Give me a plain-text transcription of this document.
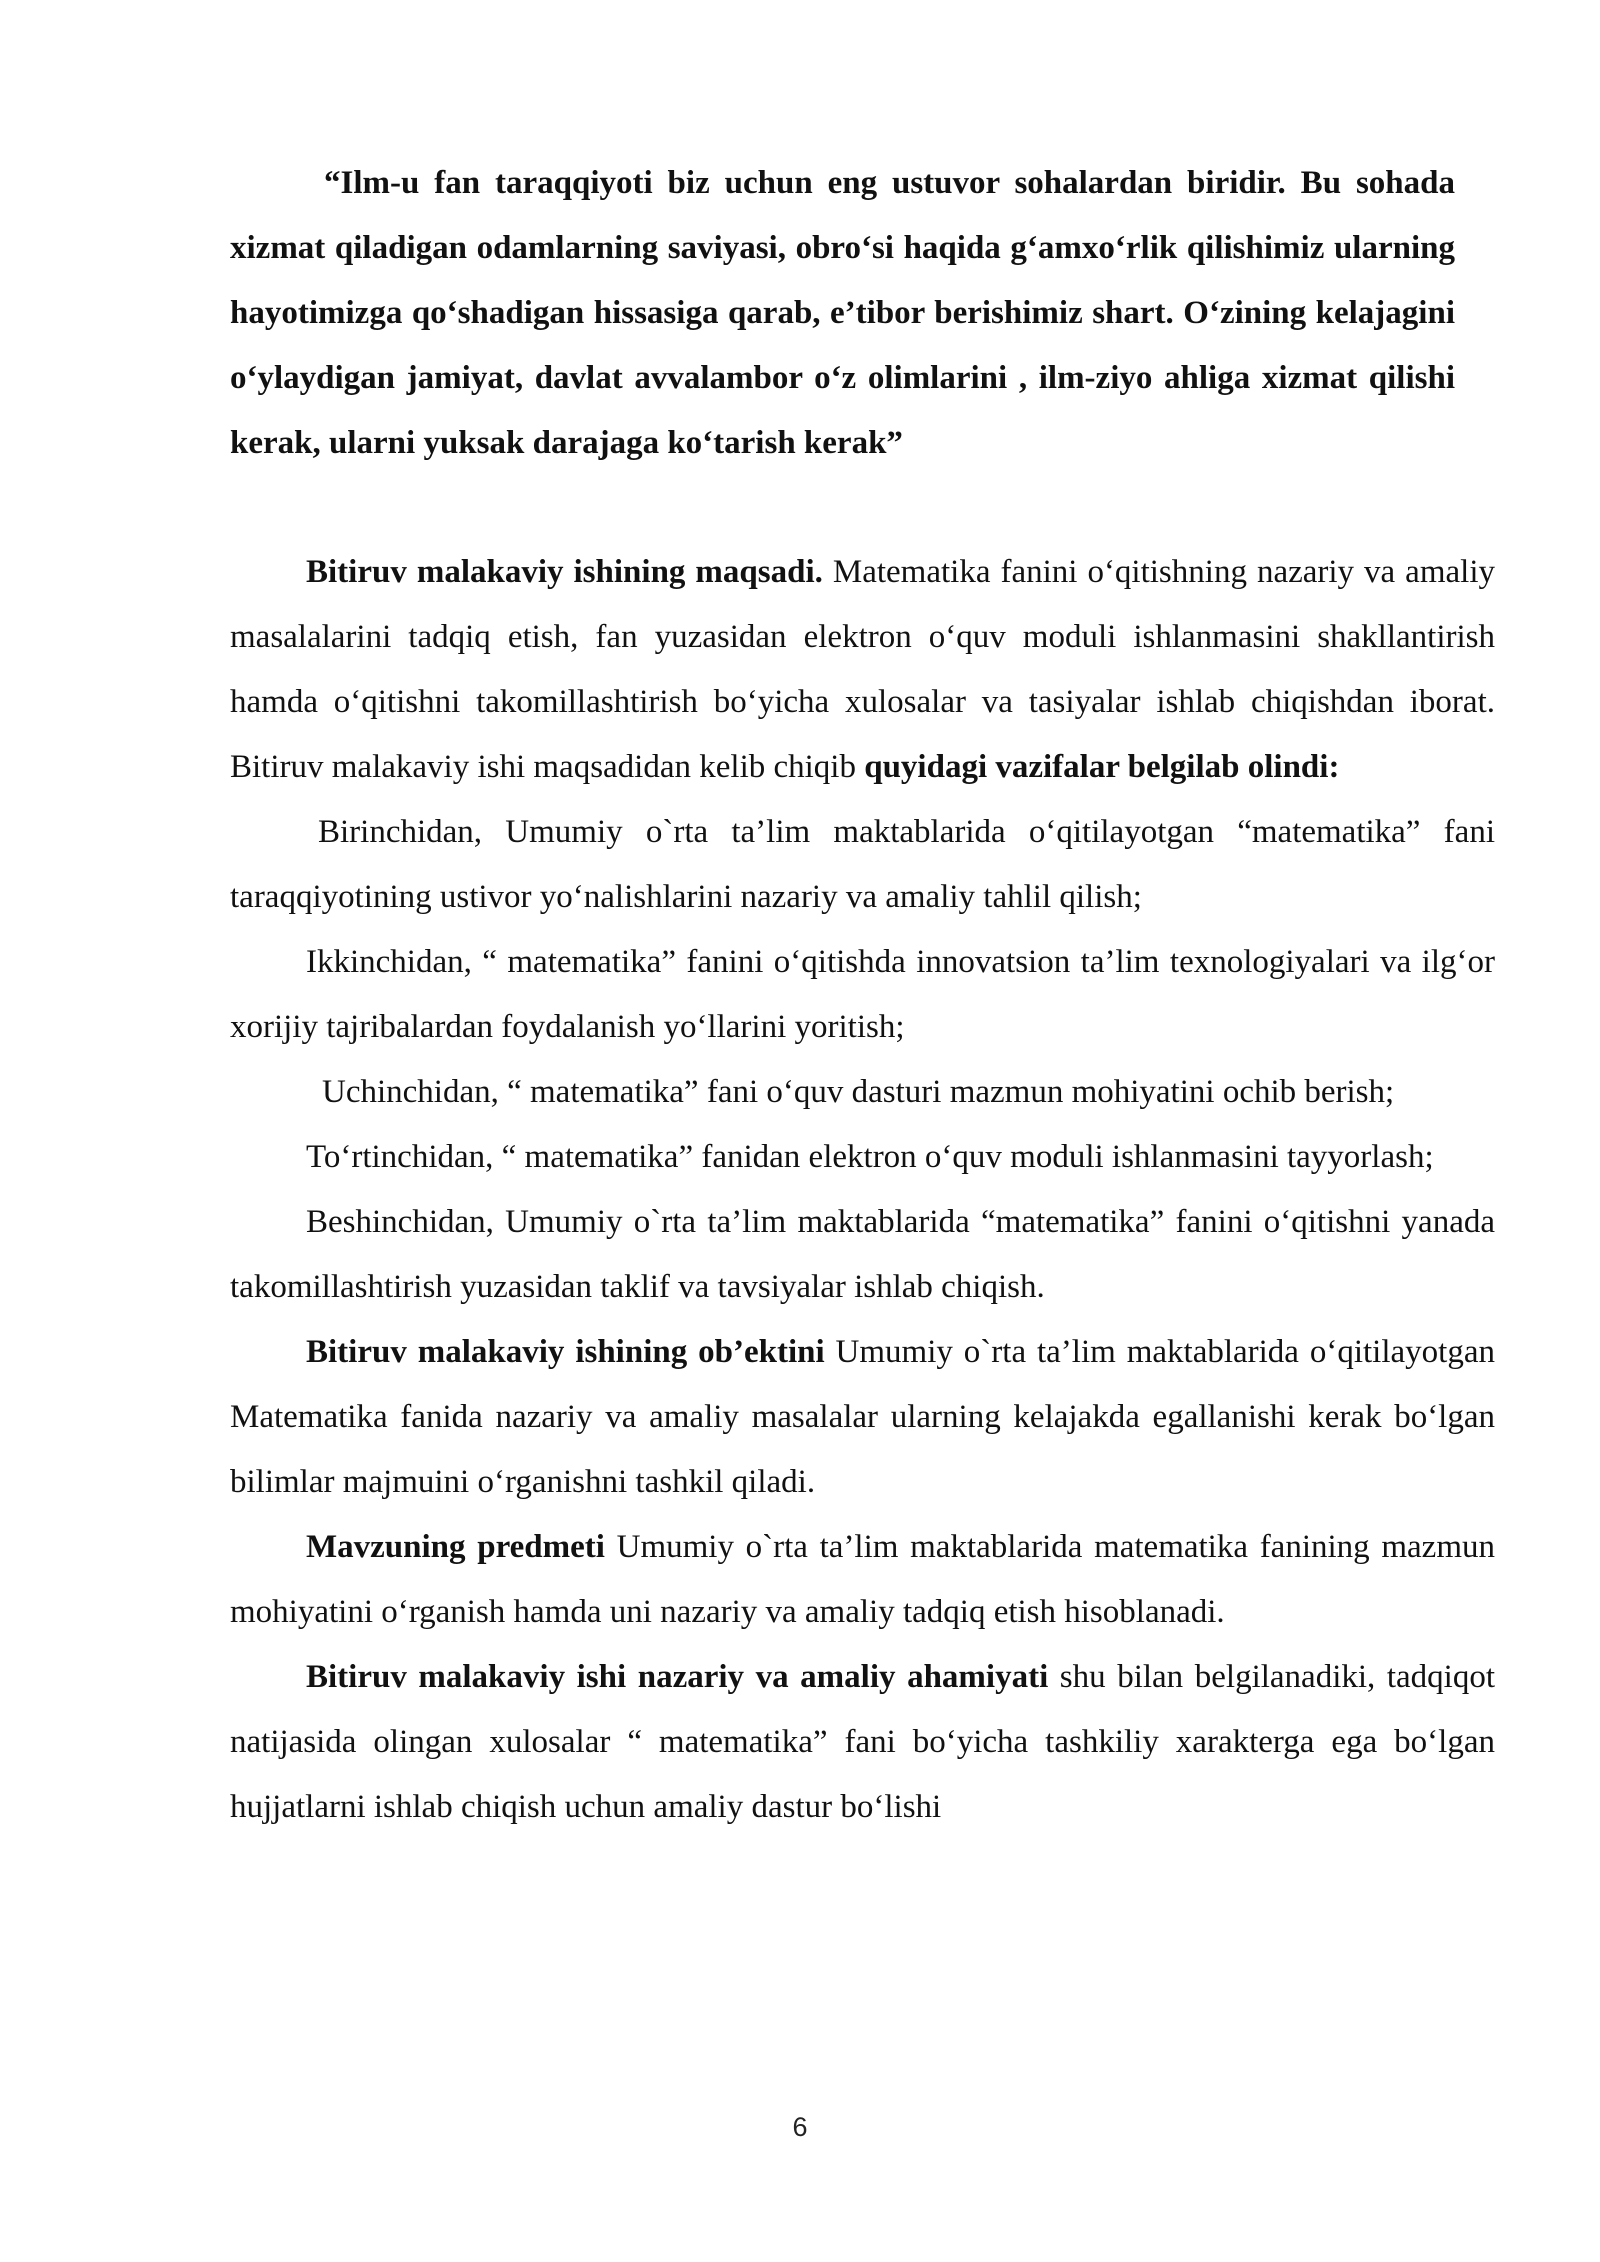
“Ilm-u fan taraqqiyoti biz uchun eng ustuvor sohalardan biridir. Bu sohada xizmat qiladigan odamlarning saviyasi, obro‘si haqida g‘amxo‘rlik qilishimiz ularning hayotimizga qo‘shadigan hissasiga qarab, e’tibor berishimiz shart. O‘zining kelajagini o‘ylaydigan jamiyat, davlat avvalambor o‘z olimlarini , ilm-ziyo ahliga xizmat qilishi kerak, ularni yuksak darajaga ko‘tarish kerak”

Bitiruv malakaviy ishining maqsadi. Matematika fanini o‘qitishning nazariy va amaliy masalalarini tadqiq etish, fan yuzasidan elektron o‘quv moduli ishlanmasini shakllantirish hamda o‘qitishni takomillashtirish bo‘yicha xulosalar va tasiyalar ishlab chiqishdan iborat. Bitiruv malakaviy ishi maqsadidan kelib chiqib quyidagi vazifalar belgilab olindi:

Birinchidan, Umumiy o`rta ta’lim maktablarida o‘qitilayotgan “matematika” fani taraqqiyotining ustivor yo‘nalishlarini nazariy va amaliy tahlil qilish;

Ikkinchidan, “ matematika” fanini o‘qitishda innovatsion ta’lim texnologiyalari va ilg‘or xorijiy tajribalardan foydalanish yo‘llarini yoritish;

Uchinchidan, “ matematika” fani o‘quv dasturi mazmun mohiyatini ochib berish;

To‘rtinchidan, “ matematika” fanidan elektron o‘quv moduli ishlanmasini tayyorlash;

Beshinchidan, Umumiy o`rta ta’lim maktablarida “matematika” fanini o‘qitishni yanada takomillashtirish yuzasidan taklif va tavsiyalar ishlab chiqish.

Bitiruv malakaviy ishining ob’ektini Umumiy o`rta ta’lim maktablarida o‘qitilayotgan Matematika fanida nazariy va amaliy masalalar ularning kelajakda egallanishi kerak bo‘lgan bilimlar majmuini o‘rganishni tashkil qiladi.

Mavzuning predmeti Umumiy o`rta ta’lim maktablarida matematika fanining mazmun mohiyatini o‘rganish hamda uni nazariy va amaliy tadqiq etish hisoblanadi.

Bitiruv malakaviy ishi nazariy va amaliy ahamiyati shu bilan belgilanadiki, tadqiqot natijasida olingan xulosalar “ matematika” fani bo‘yicha tashkiliy xarakterga ega bo‘lgan hujjatlarni ishlab chiqish uchun amaliy dastur bo‘lishi

6
